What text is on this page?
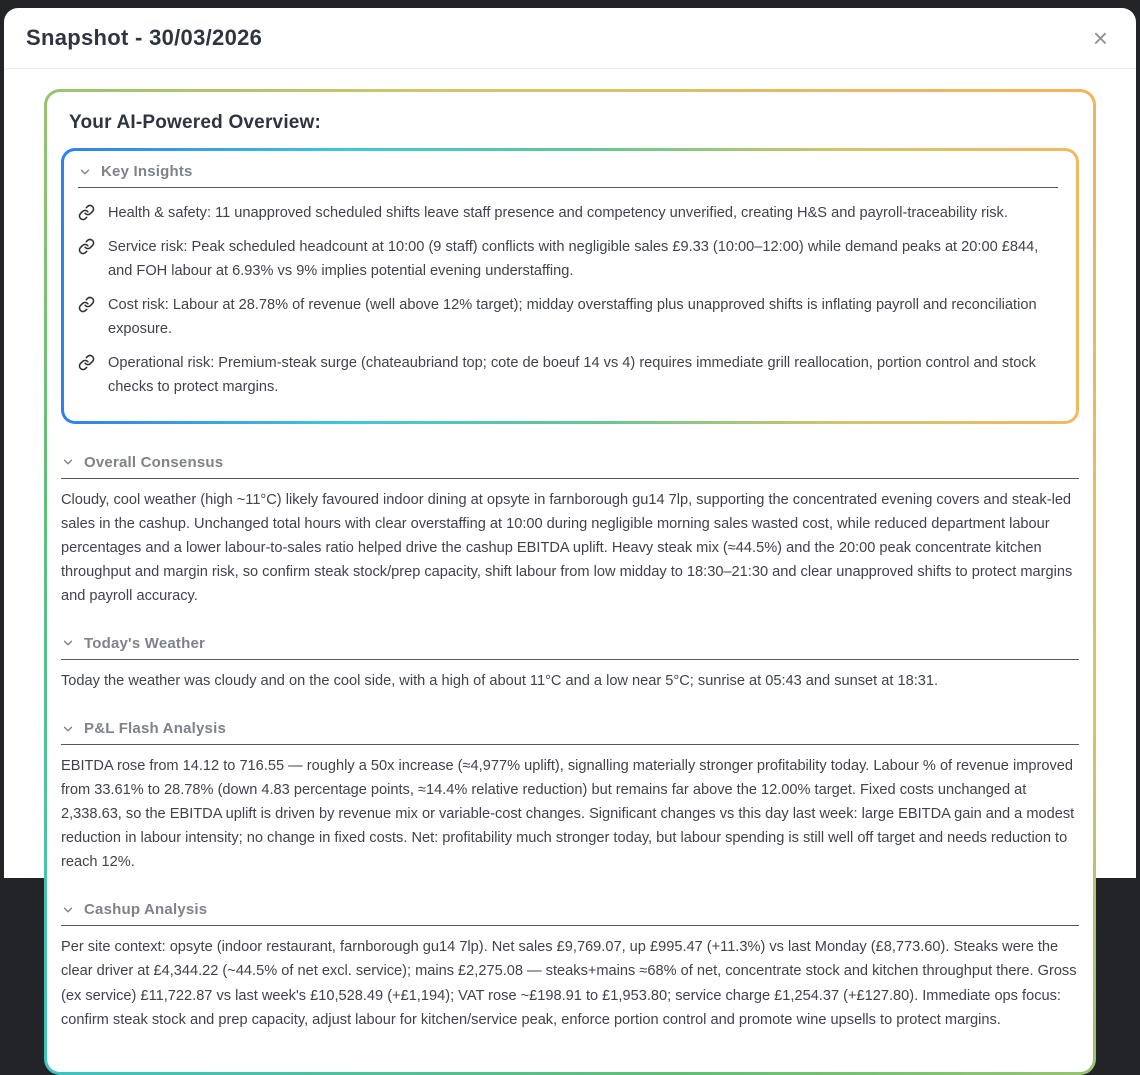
Snapshot - 30/03/2026	×
Your AI-Powered Overview:
Key Insights
Health & safety: 11 unapproved scheduled shifts leave staff presence and competency unverified, creating H&S and payroll-traceability risk.
Service risk: Peak scheduled headcount at 10:00 (9 staff) conflicts with negligible sales £9.33 (10:00–12:00) while demand peaks at 20:00 £844, and FOH labour at 6.93% vs 9% implies potential evening understaffing.
Cost risk: Labour at 28.78% of revenue (well above 12% target); midday overstaffing plus unapproved shifts is inflating payroll and reconciliation exposure.
Operational risk: Premium-steak surge (chateaubriand top; cote de boeuf 14 vs 4) requires immediate grill reallocation, portion control and stock checks to protect margins.
Overall Consensus

Cloudy, cool weather (high ~11°C) likely favoured indoor dining at opsyte in farnborough gu14 7lp, supporting the concentrated evening covers and steak-led sales in the cashup. Unchanged total hours with clear overstaffing at 10:00 during negligible morning sales wasted cost, while reduced department labour percentages and a lower labour-to-sales ratio helped drive the cashup EBITDA uplift. Heavy steak mix (≈44.5%) and the 20:00 peak concentrate kitchen throughput and margin risk, so confirm steak stock/prep capacity, shift labour from low midday to 18:30–21:30 and clear unapproved shifts to protect margins and payroll accuracy.

Today's Weather

Today the weather was cloudy and on the cool side, with a high of about 11°C and a low near 5°C; sunrise at 05:43 and sunset at 18:31.

P&L Flash Analysis

EBITDA rose from 14.12 to 716.55 — roughly a 50x increase (≈4,977% uplift), signalling materially stronger profitability today. Labour % of revenue improved from 33.61% to 28.78% (down 4.83 percentage points, ≈14.4% relative reduction) but remains far above the 12.00% target. Fixed costs unchanged at 2,338.63, so the EBITDA uplift is driven by revenue mix or variable-cost changes. Significant changes vs this day last week: large EBITDA gain and a modest reduction in labour intensity; no change in fixed costs. Net: profitability much stronger today, but labour spending is still well off target and needs reduction to reach 12%.

Cashup Analysis

Per site context: opsyte (indoor restaurant, farnborough gu14 7lp). Net sales £9,769.07, up £995.47 (+11.3%) vs last Monday (£8,773.60). Steaks were the clear driver at £4,344.22 (~44.5% of net excl. service); mains £2,275.08 — steaks+mains ≈68% of net, concentrate stock and kitchen throughput there. Gross (ex service) £11,722.87 vs last week's £10,528.49 (+£1,194); VAT rose ~£198.91 to £1,953.80; service charge £1,254.37 (+£127.80). Immediate ops focus: confirm steak stock and prep capacity, adjust labour for kitchen/service peak, enforce portion control and promote wine upsells to protect margins.
